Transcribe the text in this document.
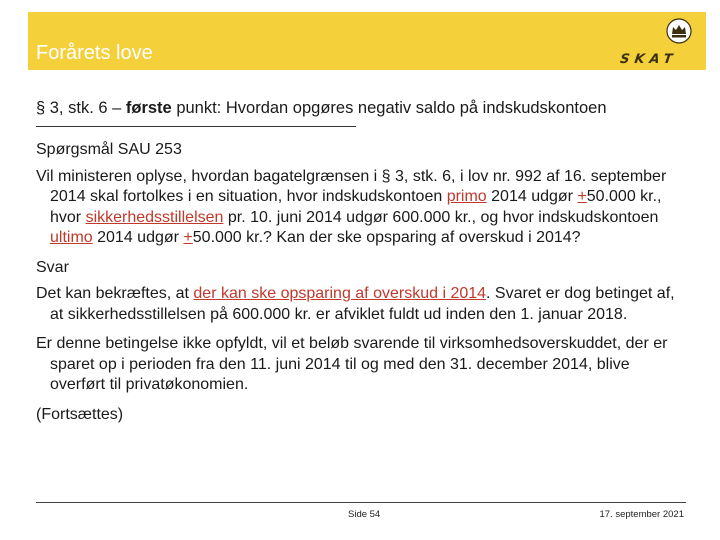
Forårets love	SKAT
§ 3, stk. 6 – første punkt: Hvordan opgøres negativ saldo på indskudskontoen

Spørgsmål SAU 253

Vil ministeren oplyse, hvordan bagatelgrænsen i § 3, stk. 6, i lov nr. 992 af 16. september 2014 skal fortolkes i en situation, hvor indskudskontoen primo 2014 udgør +50.000 kr., hvor sikkerhedsstillelsen pr. 10. juni 2014 udgør 600.000 kr., og hvor indskudskontoen ultimo 2014 udgør +50.000 kr.? Kan der ske opsparing af overskud i 2014?

Svar

Det kan bekræftes, at der kan ske opsparing af overskud i 2014. Svaret er dog betinget af, at sikkerhedsstillelsen på 600.000 kr. er afviklet fuldt ud inden den 1. januar 2018.

Er denne betingelse ikke opfyldt, vil et beløb svarende til virksomhedsoverskuddet, der er sparet op i perioden fra den 11. juni 2014 til og med den 31. december 2014, blive overført til privatøkonomien.

(Fortsættes)

Side 54	17. september 2021
